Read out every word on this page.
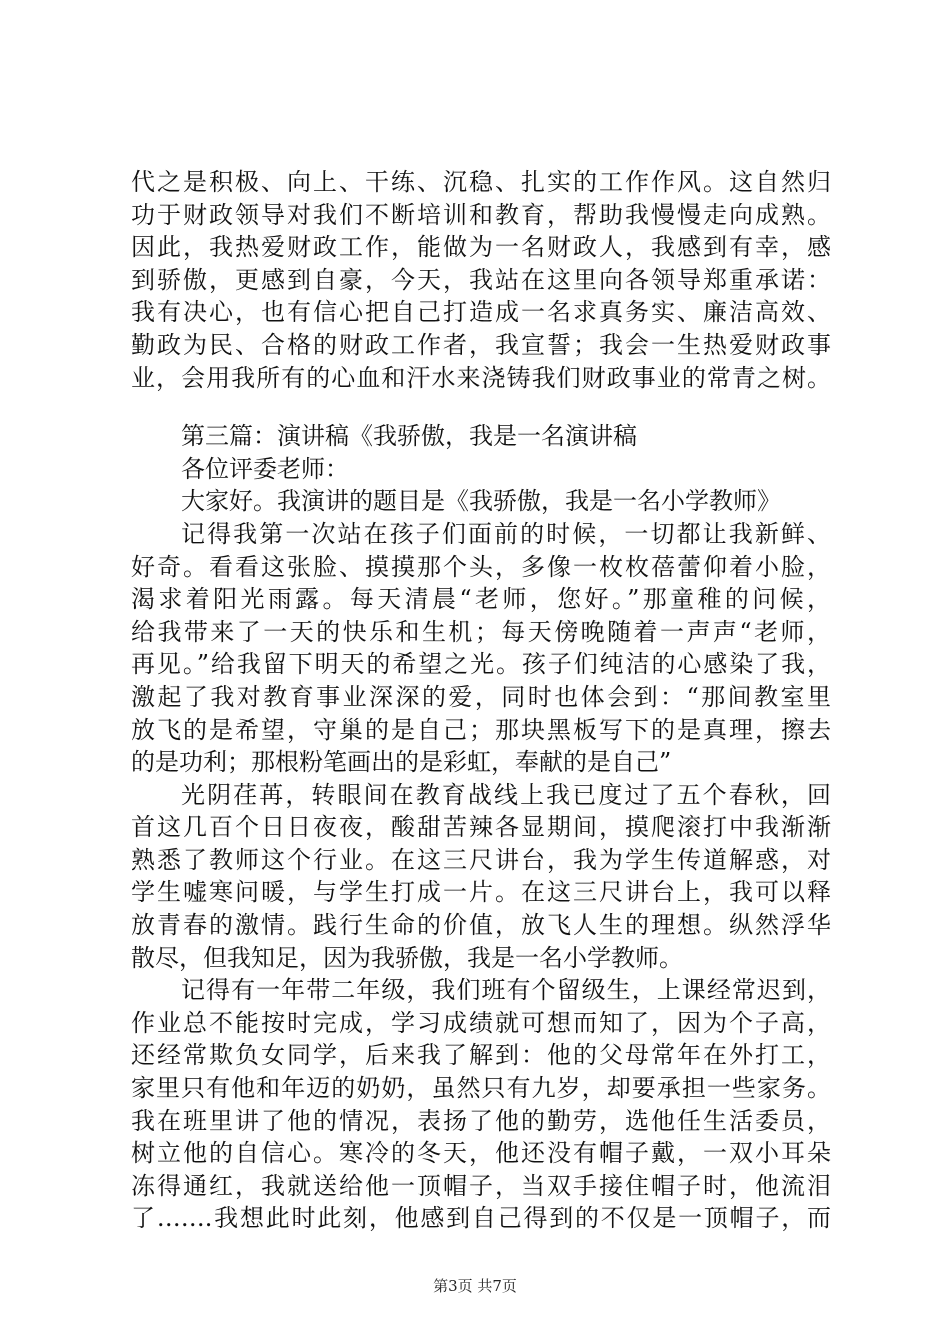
代之是积极、向上、干练、沉稳、扎实的工作作风。这自然归
功于财政领导对我们不断培训和教育，帮助我慢慢走向成熟。
因此，我热爱财政工作，能做为一名财政人，我感到有幸，感
到骄傲，更感到自豪，今天，我站在这里向各领导郑重承诺：
我有决心，也有信心把自己打造成一名求真务实、廉洁高效、
勤政为民、合格的财政工作者，我宣誓；我会一生热爱财政事
业，会用我所有的心血和汗水来浇铸我们财政事业的常青之树。
第三篇：演讲稿《我骄傲，我是一名演讲稿
各位评委老师：
大家好。我演讲的题目是《我骄傲，我是一名小学教师》
记得我第一次站在孩子们面前的时候，一切都让我新鲜、
好奇。看看这张脸、摸摸那个头，多像一枚枚蓓蕾仰着小脸，
渴求着阳光雨露。每天清晨“老师，您好。”那童稚的问候，
给我带来了一天的快乐和生机；每天傍晚随着一声声“老师，
再见。”给我留下明天的希望之光。孩子们纯洁的心感染了我，
激起了我对教育事业深深的爱，同时也体会到：“那间教室里
放飞的是希望，守巢的是自己；那块黑板写下的是真理，擦去
的是功利；那根粉笔画出的是彩虹，奉献的是自己”
光阴荏苒，转眼间在教育战线上我已度过了五个春秋，回
首这几百个日日夜夜，酸甜苦辣各显期间，摸爬滚打中我渐渐
熟悉了教师这个行业。在这三尺讲台，我为学生传道解惑，对
学生嘘寒问暖，与学生打成一片。在这三尺讲台上，我可以释
放青春的激情。践行生命的价值，放飞人生的理想。纵然浮华
散尽，但我知足，因为我骄傲，我是一名小学教师。
记得有一年带二年级，我们班有个留级生，上课经常迟到，
作业总不能按时完成，学习成绩就可想而知了，因为个子高，
还经常欺负女同学，后来我了解到：他的父母常年在外打工，
家里只有他和年迈的奶奶，虽然只有九岁，却要承担一些家务。
我在班里讲了他的情况，表扬了他的勤劳，选他任生活委员，
树立他的自信心。寒冷的冬天，他还没有帽子戴，一双小耳朵
冻得通红，我就送给他一顶帽子，当双手接住帽子时，他流泪
了…….我想此时此刻，他感到自己得到的不仅是一顶帽子，而
第3页 共7页
